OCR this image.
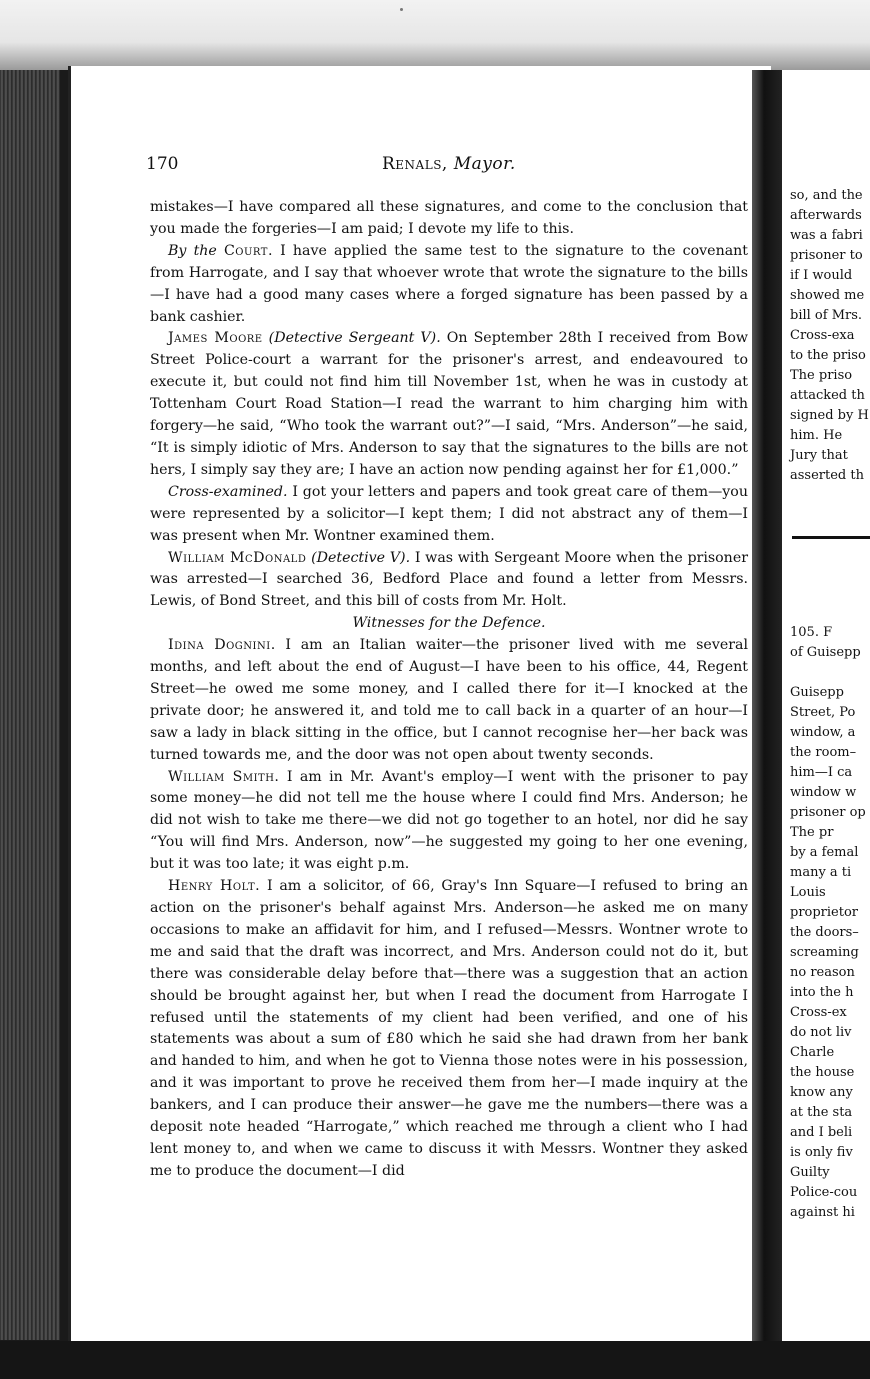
170	Renals, Mayor.

mistakes—I have compared all these signatures, and come to the conclusion that you made the forgeries—I am paid; I devote my life to this.

By the Court. I have applied the same test to the signature to the covenant from Harrogate, and I say that whoever wrote that wrote the signature to the bills—I have had a good many cases where a forged signature has been passed by a bank cashier.

James Moore (Detective Sergeant V). On September 28th I received from Bow Street Police-court a warrant for the prisoner's arrest, and endeavoured to execute it, but could not find him till November 1st, when he was in custody at Tottenham Court Road Station—I read the warrant to him charging him with forgery—he said, “Who took the warrant out?”—I said, “Mrs. Anderson”—he said, “It is simply idiotic of Mrs. Anderson to say that the signatures to the bills are not hers, I simply say they are; I have an action now pending against her for £1,000.”

Cross-examined. I got your letters and papers and took great care of them—you were represented by a solicitor—I kept them; I did not abstract any of them—I was present when Mr. Wontner examined them.

William McDonald (Detective V). I was with Sergeant Moore when the prisoner was arrested—I searched 36, Bedford Place and found a letter from Messrs. Lewis, of Bond Street, and this bill of costs from Mr. Holt.

Witnesses for the Defence.

Idina Dognini. I am an Italian waiter—the prisoner lived with me several months, and left about the end of August—I have been to his office, 44, Regent Street—he owed me some money, and I called there for it—I knocked at the private door; he answered it, and told me to call back in a quarter of an hour—I saw a lady in black sitting in the office, but I cannot recognise her—her back was turned towards me, and the door was not open about twenty seconds.

William Smith. I am in Mr. Avant's employ—I went with the prisoner to pay some money—he did not tell me the house where I could find Mrs. Anderson; he did not wish to take me there—we did not go together to an hotel, nor did he say “You will find Mrs. Anderson, now”—he suggested my going to her one evening, but it was too late; it was eight p.m.

Henry Holt. I am a solicitor, of 66, Gray's Inn Square—I refused to bring an action on the prisoner's behalf against Mrs. Anderson—he asked me on many occasions to make an affidavit for him, and I refused—Messrs. Wontner wrote to me and said that the draft was incorrect, and Mrs. Anderson could not do it, but there was considerable delay before that—there was a suggestion that an action should be brought against her, but when I read the document from Harrogate I refused until the statements of my client had been verified, and one of his statements was about a sum of £80 which he said she had drawn from her bank and handed to him, and when he got to Vienna those notes were in his possession, and it was important to prove he received them from her—I made inquiry at the bankers, and I can produce their answer—he gave me the numbers—there was a deposit note headed “Harrogate,” which reached me through a client who I had lent money to, and when we came to discuss it with Messrs. Wontner they asked me to produce the document—I did

so, and the
afterwards
was a fabri
prisoner to
if I would
showed me
bill of Mrs.
Cross-exa
to the priso
The priso
attacked th
signed by H
him. He
Jury that
asserted th
105. F
of Guisepp
Guisepp
Street, Po
window, a
the room–
him—I ca
window w
prisoner op
The pr
by a femal
many a ti
Louis
proprietor
the doors–
screaming
no reason
into the h
Cross-ex
do not liv
Charle
the house
know any
at the sta
and I beli
is only fiv
Guilty
Police-cou
against hi
